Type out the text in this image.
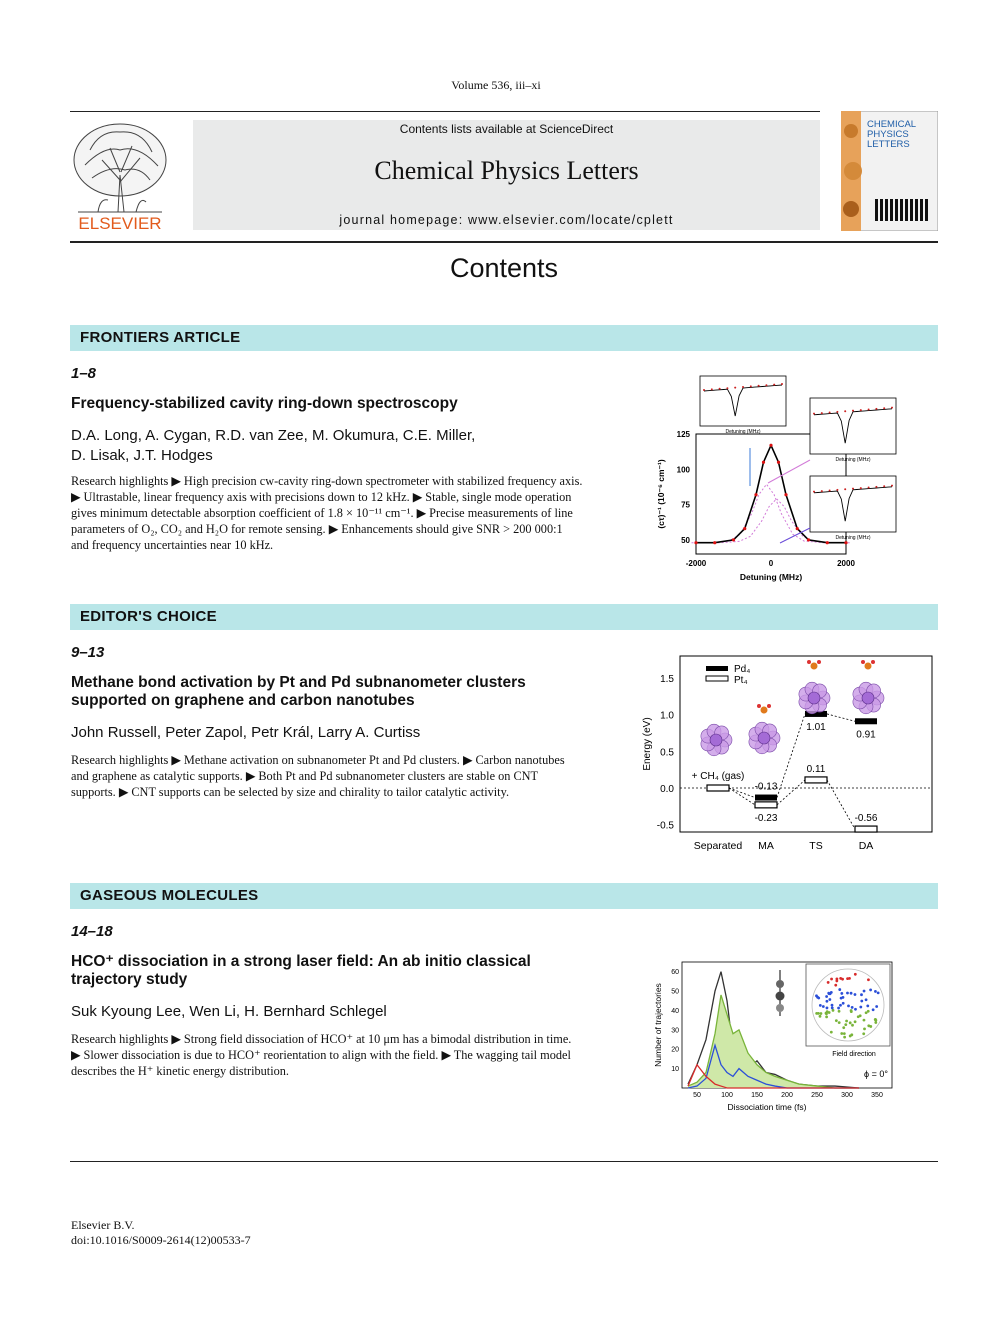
Volume 536, iii–xi
ELSEVIER
Contents lists available at ScienceDirect
Chemical Physics Letters
journal homepage: www.elsevier.com/locate/cplett
CHEMICAL
PHYSICS
LETTERS
Contents
FRONTIERS ARTICLE
1–8
Frequency-stabilized cavity ring-down spectroscopy
D.A. Long, A. Cygan, R.D. van Zee, M. Okumura, C.E. Miller,
D. Lisak, J.T. Hodges
Research highlights ▶ High precision cw-cavity ring-down spectrometer with stabilized frequency axis. ▶ Ultrastable, linear frequency axis with precisions down to 12 kHz. ▶ Stable, single mode operation gives minimum detectable absorption coefficient of 1.8 × 10⁻¹¹ cm⁻¹. ▶ Precise measurements of line parameters of O₂, CO₂ and H₂O for remote sensing. ▶ Enhancements should give SNR > 200 000:1 and frequency uncertainties near 10 kHz.
125
100
75
50
-2000	0	2000
Detuning (MHz)
(cτ)⁻¹ (10⁻⁶ cm⁻¹)
Detuning (MHz)
Detuning (MHz)
Detuning (MHz)
EDITOR'S CHOICE
9–13
Methane bond activation by Pt and Pd subnanometer clusters supported on graphene and carbon nanotubes
John Russell, Peter Zapol, Petr Král, Larry A. Curtiss
Research highlights ▶ Methane activation on subnanometer Pt and Pd clusters. ▶ Carbon nanotubes and graphene as catalytic supports. ▶ Both Pt and Pd subnanometer clusters are stable on CNT supports. ▶ CNT supports can be selected by size and chirality to tailor catalytic activity.
1.5
1.0
0.5
0.0
-0.5
Energy (eV)
Separated MA	TS	DA
-0.13
-0.23
1.01
0.11
0.91
-0.56
+ CH₄ (gas)
Pd₄
Pt₄
GASEOUS MOLECULES
14–18
HCO⁺ dissociation in a strong laser field: An ab initio classical trajectory study
Suk Kyoung Lee, Wen Li, H. Bernhard Schlegel
Research highlights ▶ Strong field dissociation of HCO⁺ at 10 μm has a bimodal distribution in time. ▶ Slower dissociation is due to HCO⁺ reorientation to align with the field. ▶ The wagging tail model describes the H⁺ kinetic energy distribution.
50	100	150	200	250	300	350
60
50
40
30
20
10
Dissociation time (fs)
Number of trajectories	Field direction
ϕ = 0°
Elsevier B.V.
doi:10.1016/S0009-2614(12)00533-7
